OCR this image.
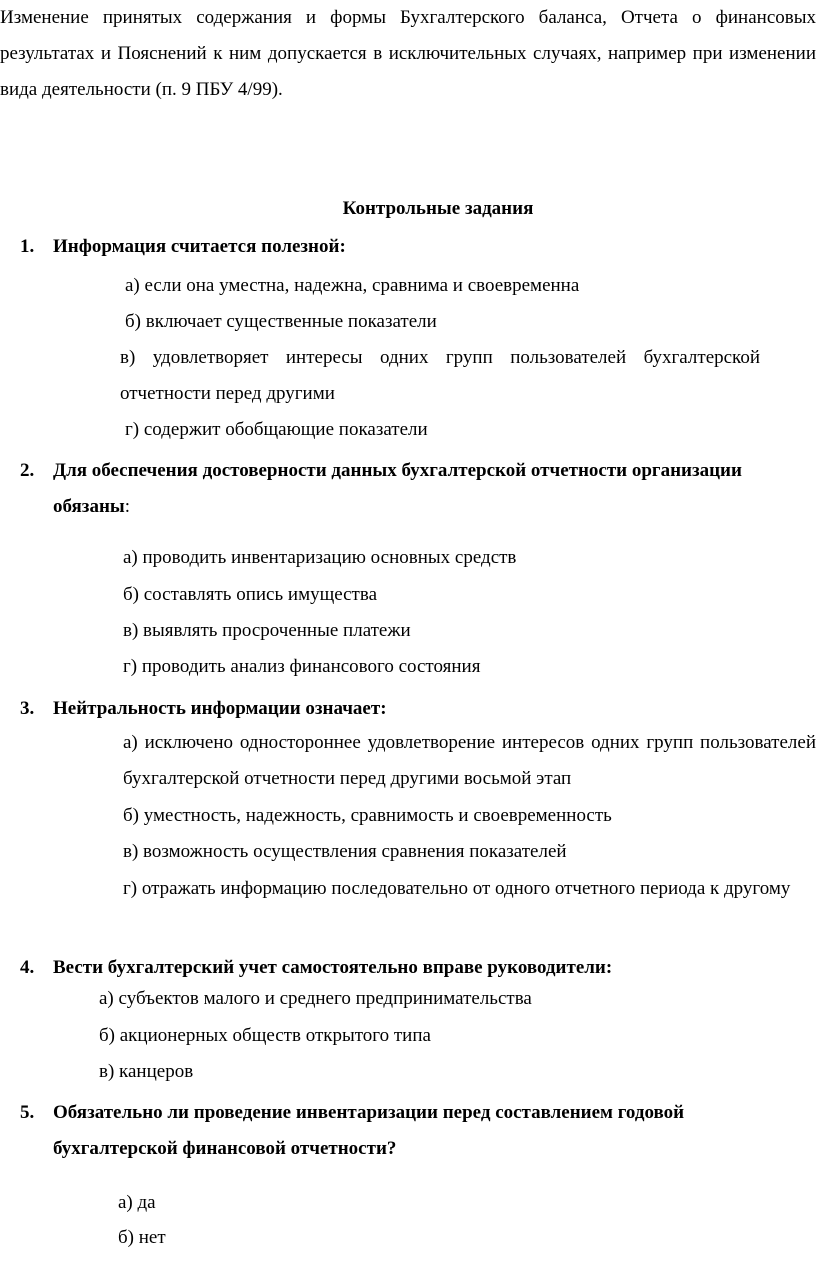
Изменение принятых содержания и формы Бухгалтерского баланса, Отчета о финансовых результатах и Пояснений к ним допускается в исключительных случаях, например при изменении вида деятельности (п. 9 ПБУ 4/99).

Контрольные задания

1. Информация считается полезной:
а) если она уместна, надежна, сравнима и своевременна
б) включает существенные показатели
в) удовлетворяет интересы одних групп пользователей бухгалтерской отчетности перед другими
г) содержит обобщающие показатели
2. Для обеспечения достоверности данных бухгалтерской отчетности организации обязаны:
а) проводить инвентаризацию основных средств
б) составлять опись имущества
в) выявлять просроченные платежи
г) проводить анализ финансового состояния
3. Нейтральность информации означает:
а) исключено одностороннее удовлетворение интересов одних групп пользователей бухгалтерской отчетности перед другими восьмой этап
б) уместность, надежность, сравнимость и своевременность
в) возможность осуществления сравнения показателей
г) отражать информацию последовательно от одного отчетного периода к другому
4. Вести бухгалтерский учет самостоятельно вправе руководители:
а) субъектов малого и среднего предпринимательства
б) акционерных обществ открытого типа
в) канцеров
5. Обязательно ли проведение инвентаризации перед составлением годовой бухгалтерской финансовой отчетности?
а) да
б) нет
